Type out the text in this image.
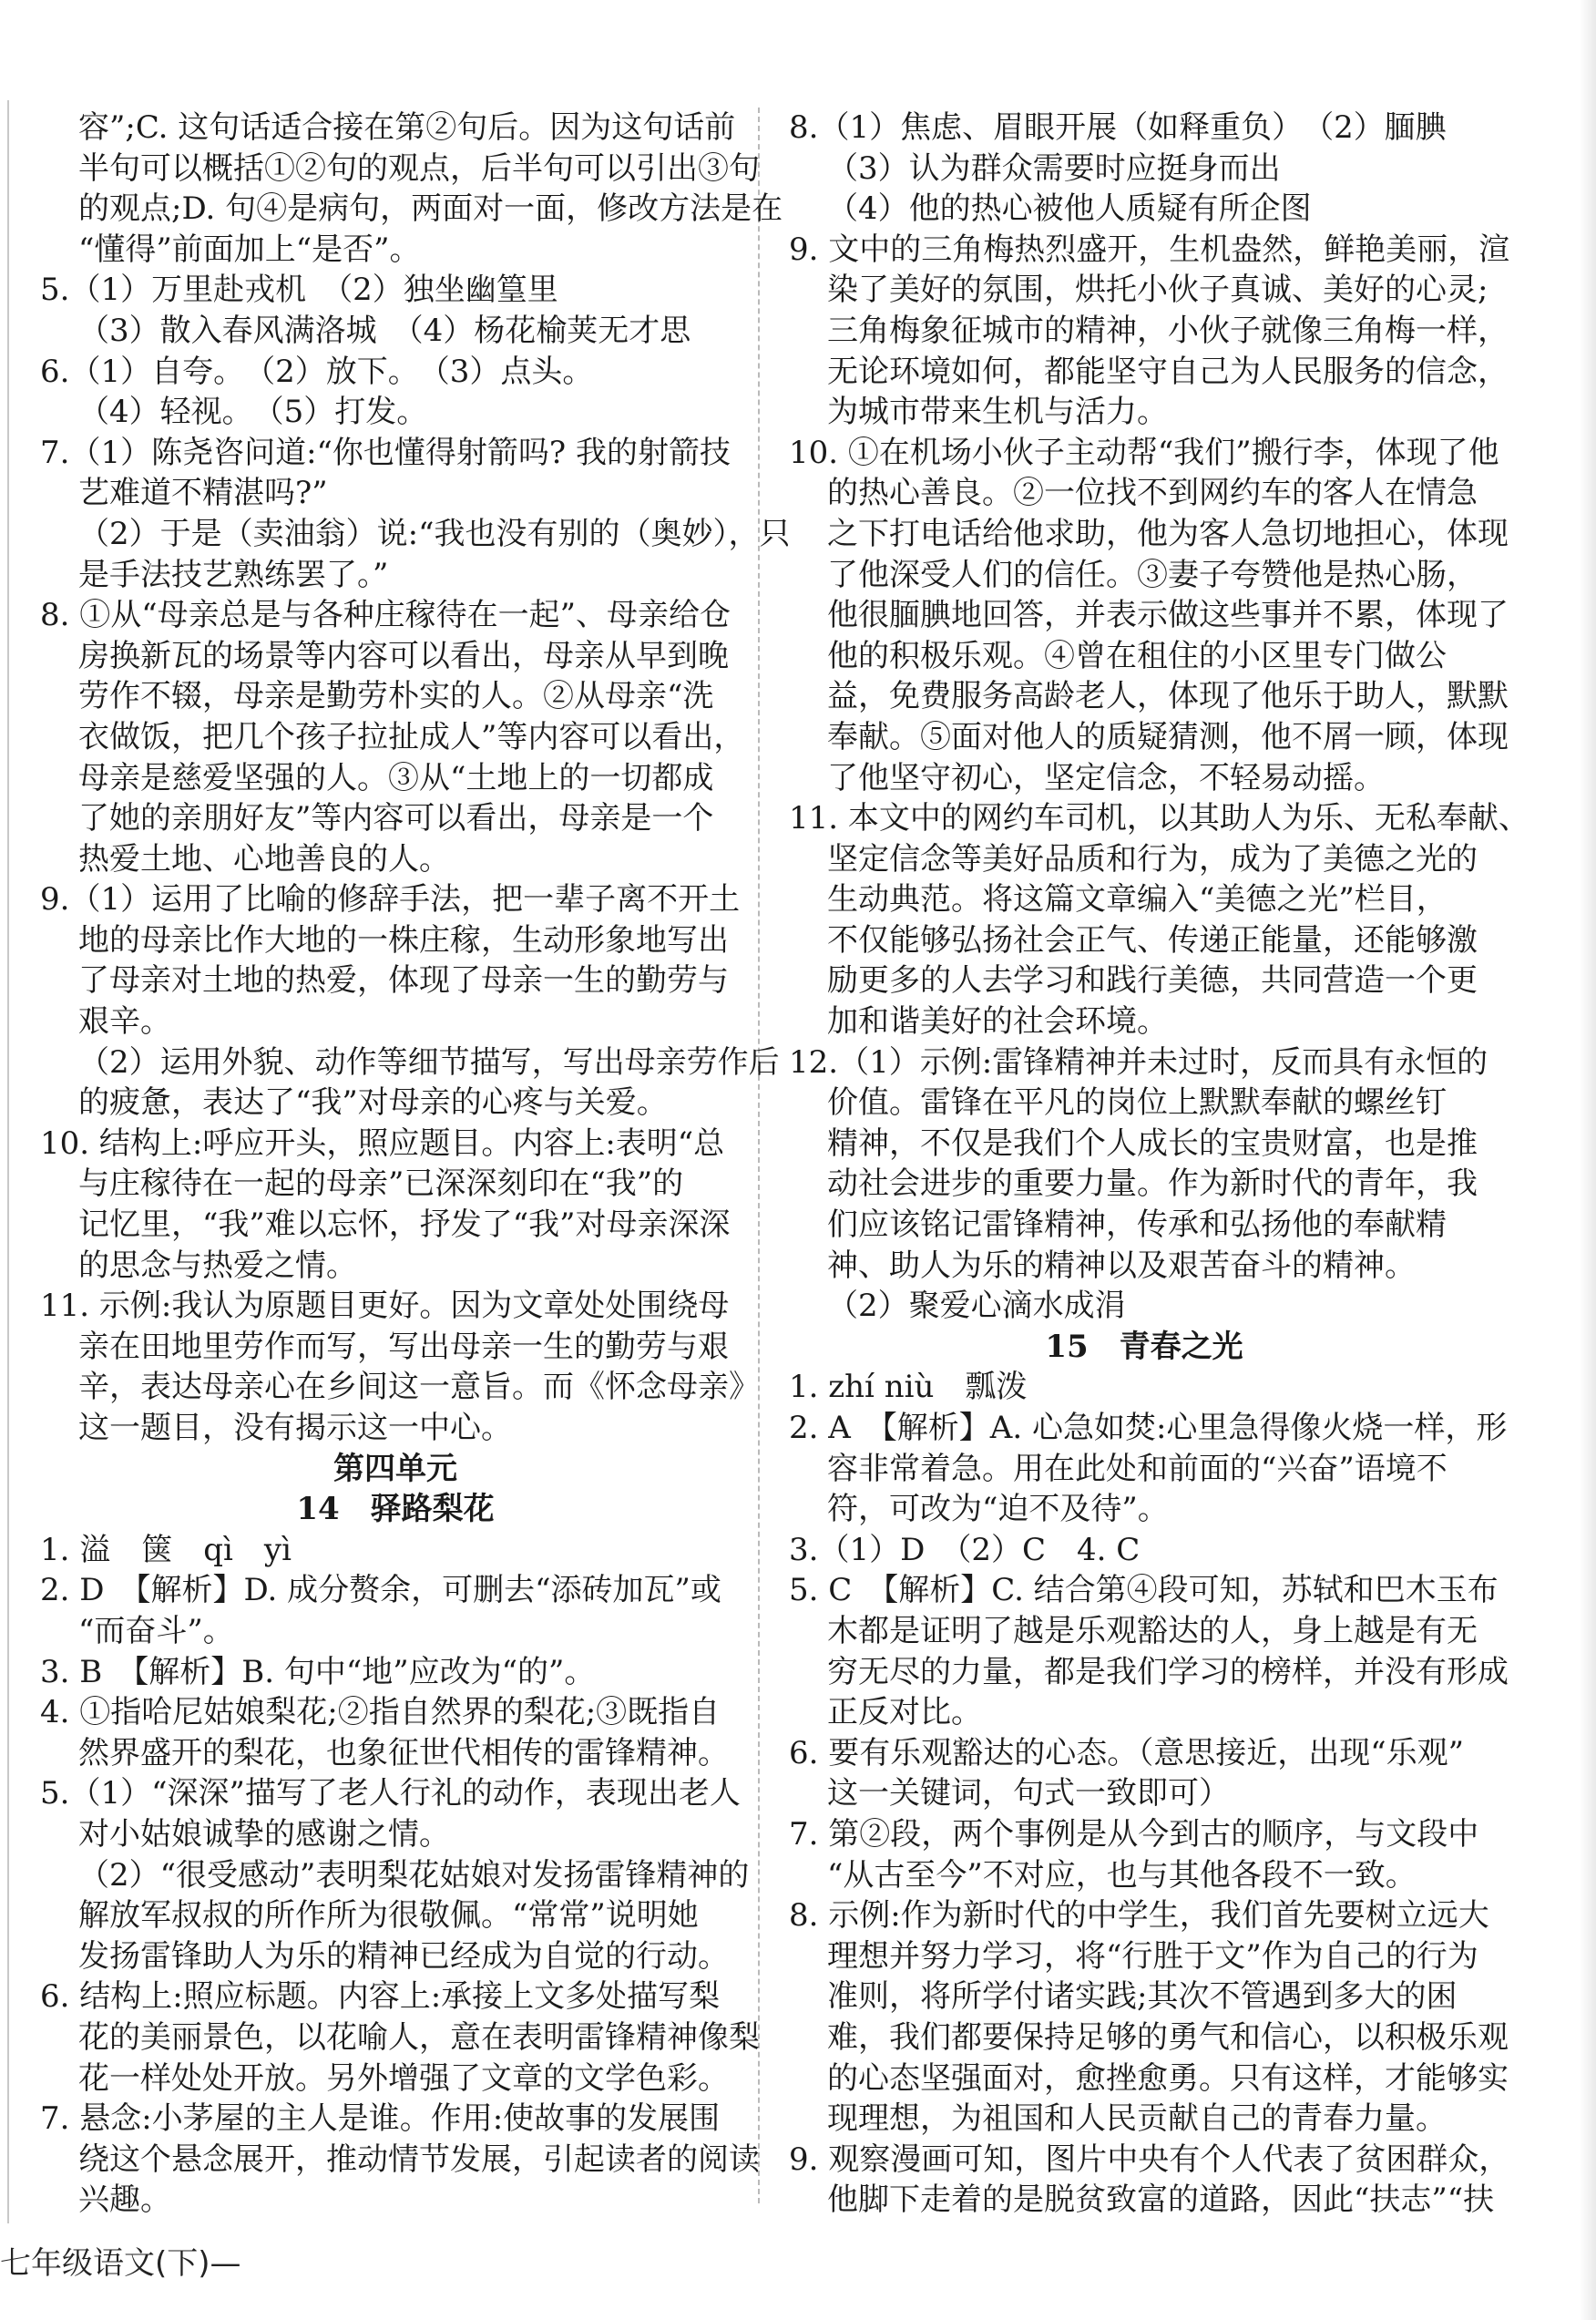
容”;C. 这句话适合接在第②句后。因为这句话前
半句可以概括①②句的观点，后半句可以引出③句
的观点;D. 句④是病句，两面对一面，修改方法是在
“懂得”前面加上“是否”。
5.（1）万里赴戎机　（2）独坐幽篁里
（3）散入春风满洛城　（4）杨花榆荚无才思
6.（1）自夸。　（2）放下。　（3）点头。
（4）轻视。　（5）打发。
7.（1）陈尧咨问道:“你也懂得射箭吗? 我的射箭技
艺难道不精湛吗?”
（2）于是（卖油翁）说:“我也没有别的（奥妙），只
是手法技艺熟练罢了。”
8. ①从“母亲总是与各种庄稼待在一起”、母亲给仓
房换新瓦的场景等内容可以看出，母亲从早到晚
劳作不辍，母亲是勤劳朴实的人。②从母亲“洗
衣做饭，把几个孩子拉扯成人”等内容可以看出，
母亲是慈爱坚强的人。③从“土地上的一切都成
了她的亲朋好友”等内容可以看出，母亲是一个
热爱土地、心地善良的人。
9.（1）运用了比喻的修辞手法，把一辈子离不开土
地的母亲比作大地的一株庄稼，生动形象地写出
了母亲对土地的热爱，体现了母亲一生的勤劳与
艰辛。
（2）运用外貌、动作等细节描写，写出母亲劳作后
的疲惫，表达了“我”对母亲的心疼与关爱。
10. 结构上:呼应开头，照应题目。内容上:表明“总
与庄稼待在一起的母亲”已深深刻印在“我”的
记忆里，“我”难以忘怀，抒发了“我”对母亲深深
的思念与热爱之情。
11. 示例:我认为原题目更好。因为文章处处围绕母
亲在田地里劳作而写，写出母亲一生的勤劳与艰
辛，表达母亲心在乡间这一意旨。而《怀念母亲》
这一题目，没有揭示这一中心。
第四单元
14　驿路梨花
1. 溢　箧　qì　yì
2. D　【解析】D. 成分赘余，可删去“添砖加瓦”或
“而奋斗”。
3. B　【解析】B. 句中“地”应改为“的”。
4. ①指哈尼姑娘梨花;②指自然界的梨花;③既指自
然界盛开的梨花，也象征世代相传的雷锋精神。
5.（1）“深深”描写了老人行礼的动作，表现出老人
对小姑娘诚挚的感谢之情。
（2）“很受感动”表明梨花姑娘对发扬雷锋精神的
解放军叔叔的所作所为很敬佩。“常常”说明她
发扬雷锋助人为乐的精神已经成为自觉的行动。
6. 结构上:照应标题。内容上:承接上文多处描写梨
花的美丽景色，以花喻人，意在表明雷锋精神像梨
花一样处处开放。另外增强了文章的文学色彩。
7. 悬念:小茅屋的主人是谁。作用:使故事的发展围
绕这个悬念展开，推动情节发展，引起读者的阅读
兴趣。
8.（1）焦虑、眉眼开展（如释重负）　（2）腼腆
（3）认为群众需要时应挺身而出
（4）他的热心被他人质疑有所企图
9. 文中的三角梅热烈盛开，生机盎然，鲜艳美丽，渲
染了美好的氛围，烘托小伙子真诚、美好的心灵;
三角梅象征城市的精神，小伙子就像三角梅一样，
无论环境如何，都能坚守自己为人民服务的信念，
为城市带来生机与活力。
10. ①在机场小伙子主动帮“我们”搬行李，体现了他
的热心善良。②一位找不到网约车的客人在情急
之下打电话给他求助，他为客人急切地担心，体现
了他深受人们的信任。③妻子夸赞他是热心肠，
他很腼腆地回答，并表示做这些事并不累，体现了
他的积极乐观。④曾在租住的小区里专门做公
益，免费服务高龄老人，体现了他乐于助人，默默
奉献。⑤面对他人的质疑猜测，他不屑一顾，体现
了他坚守初心，坚定信念，不轻易动摇。
11. 本文中的网约车司机，以其助人为乐、无私奉献、
坚定信念等美好品质和行为，成为了美德之光的
生动典范。将这篇文章编入“美德之光”栏目，
不仅能够弘扬社会正气、传递正能量，还能够激
励更多的人去学习和践行美德，共同营造一个更
加和谐美好的社会环境。
12.（1）示例:雷锋精神并未过时，反而具有永恒的
价值。雷锋在平凡的岗位上默默奉献的螺丝钉
精神，不仅是我们个人成长的宝贵财富，也是推
动社会进步的重要力量。作为新时代的青年，我
们应该铭记雷锋精神，传承和弘扬他的奉献精
神、助人为乐的精神以及艰苦奋斗的精神。
（2）聚爱心滴水成涓
15　青春之光
1. zhí niù　瓢泼
2. A　【解析】A. 心急如焚:心里急得像火烧一样，形
容非常着急。用在此处和前面的“兴奋”语境不
符，可改为“迫不及待”。
3.（1）D　（2）C　4. C
5. C　【解析】C. 结合第④段可知，苏轼和巴木玉布
木都是证明了越是乐观豁达的人，身上越是有无
穷无尽的力量，都是我们学习的榜样，并没有形成
正反对比。
6. 要有乐观豁达的心态。（意思接近，出现“乐观”
这一关键词，句式一致即可）
7. 第②段，两个事例是从今到古的顺序，与文段中
“从古至今”不对应，也与其他各段不一致。
8. 示例:作为新时代的中学生，我们首先要树立远大
理想并努力学习，将“行胜于文”作为自己的行为
准则，将所学付诸实践;其次不管遇到多大的困
难，我们都要保持足够的勇气和信心，以积极乐观
的心态坚强面对，愈挫愈勇。只有这样，才能够实
现理想，为祖国和人民贡献自己的青春力量。
9. 观察漫画可知，图片中央有个人代表了贫困群众，
他脚下走着的是脱贫致富的道路，因此“扶志”“扶
七年级语文(下)—
